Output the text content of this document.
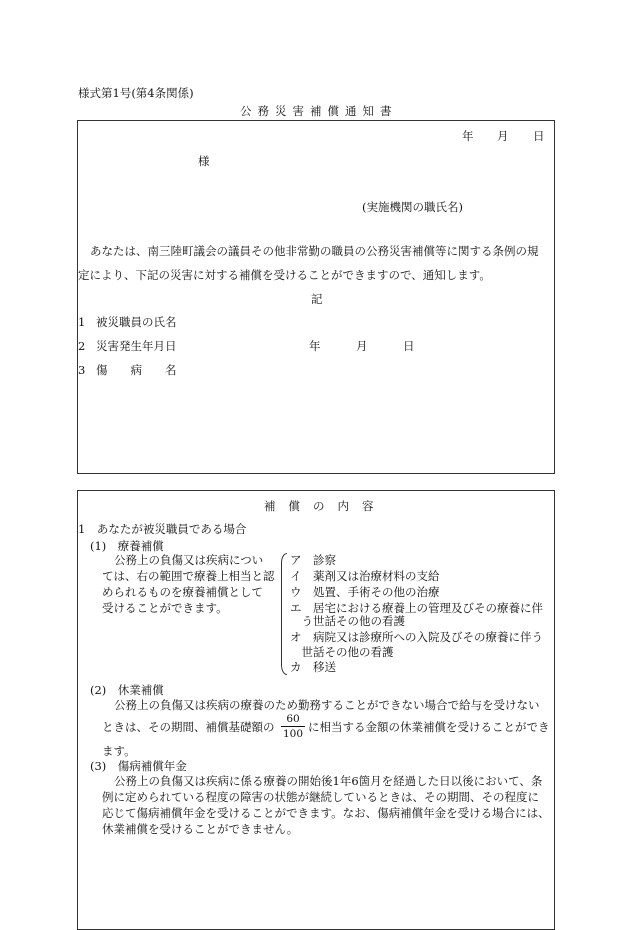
様式第1号(第4条関係)
公務災害補償通知書
年 月 日
様
(実施機関の職氏名)
あなたは、南三陸町議会の議員その他非常勤の職員の公務災害補償等に関する条例の規
定により、下記の災害に対する補償を受けることができますので、通知します。
記
1 被災職員の氏名
2 災害発生年月日	年	月	日
3 傷　　病　　名
補償の内容
1　あなたが被災職員である場合
(1)　療養補償
公務上の負傷又は疾病につい
ては、右の範囲で療養上相当と認
められるものを療養補償として
受けることができます。
ア　診察
イ　薬剤又は治療材料の支給
ウ　処置、手術その他の治療
エ　居宅における療養上の管理及びその療養に伴
　う世話その他の看護
オ　病院又は診療所への入院及びその療養に伴う
　世話その他の看護
カ　移送
(2)　休業補償
公務上の負傷又は疾病の療養のため勤務することができない場合で給与を受けない
ときは、その期間、補償基礎額の
60
100 に相当する金額の休業補償を受けることができ
ます。
(3)　傷病補償年金
公務上の負傷又は疾病に係る療養の開始後1年6箇月を経過した日以後において、条
例に定められている程度の障害の状態が継続しているときは、その期間、その程度に
応じて傷病補償年金を受けることができます。なお、傷病補償年金を受ける場合には、
休業補償を受けることができません。
